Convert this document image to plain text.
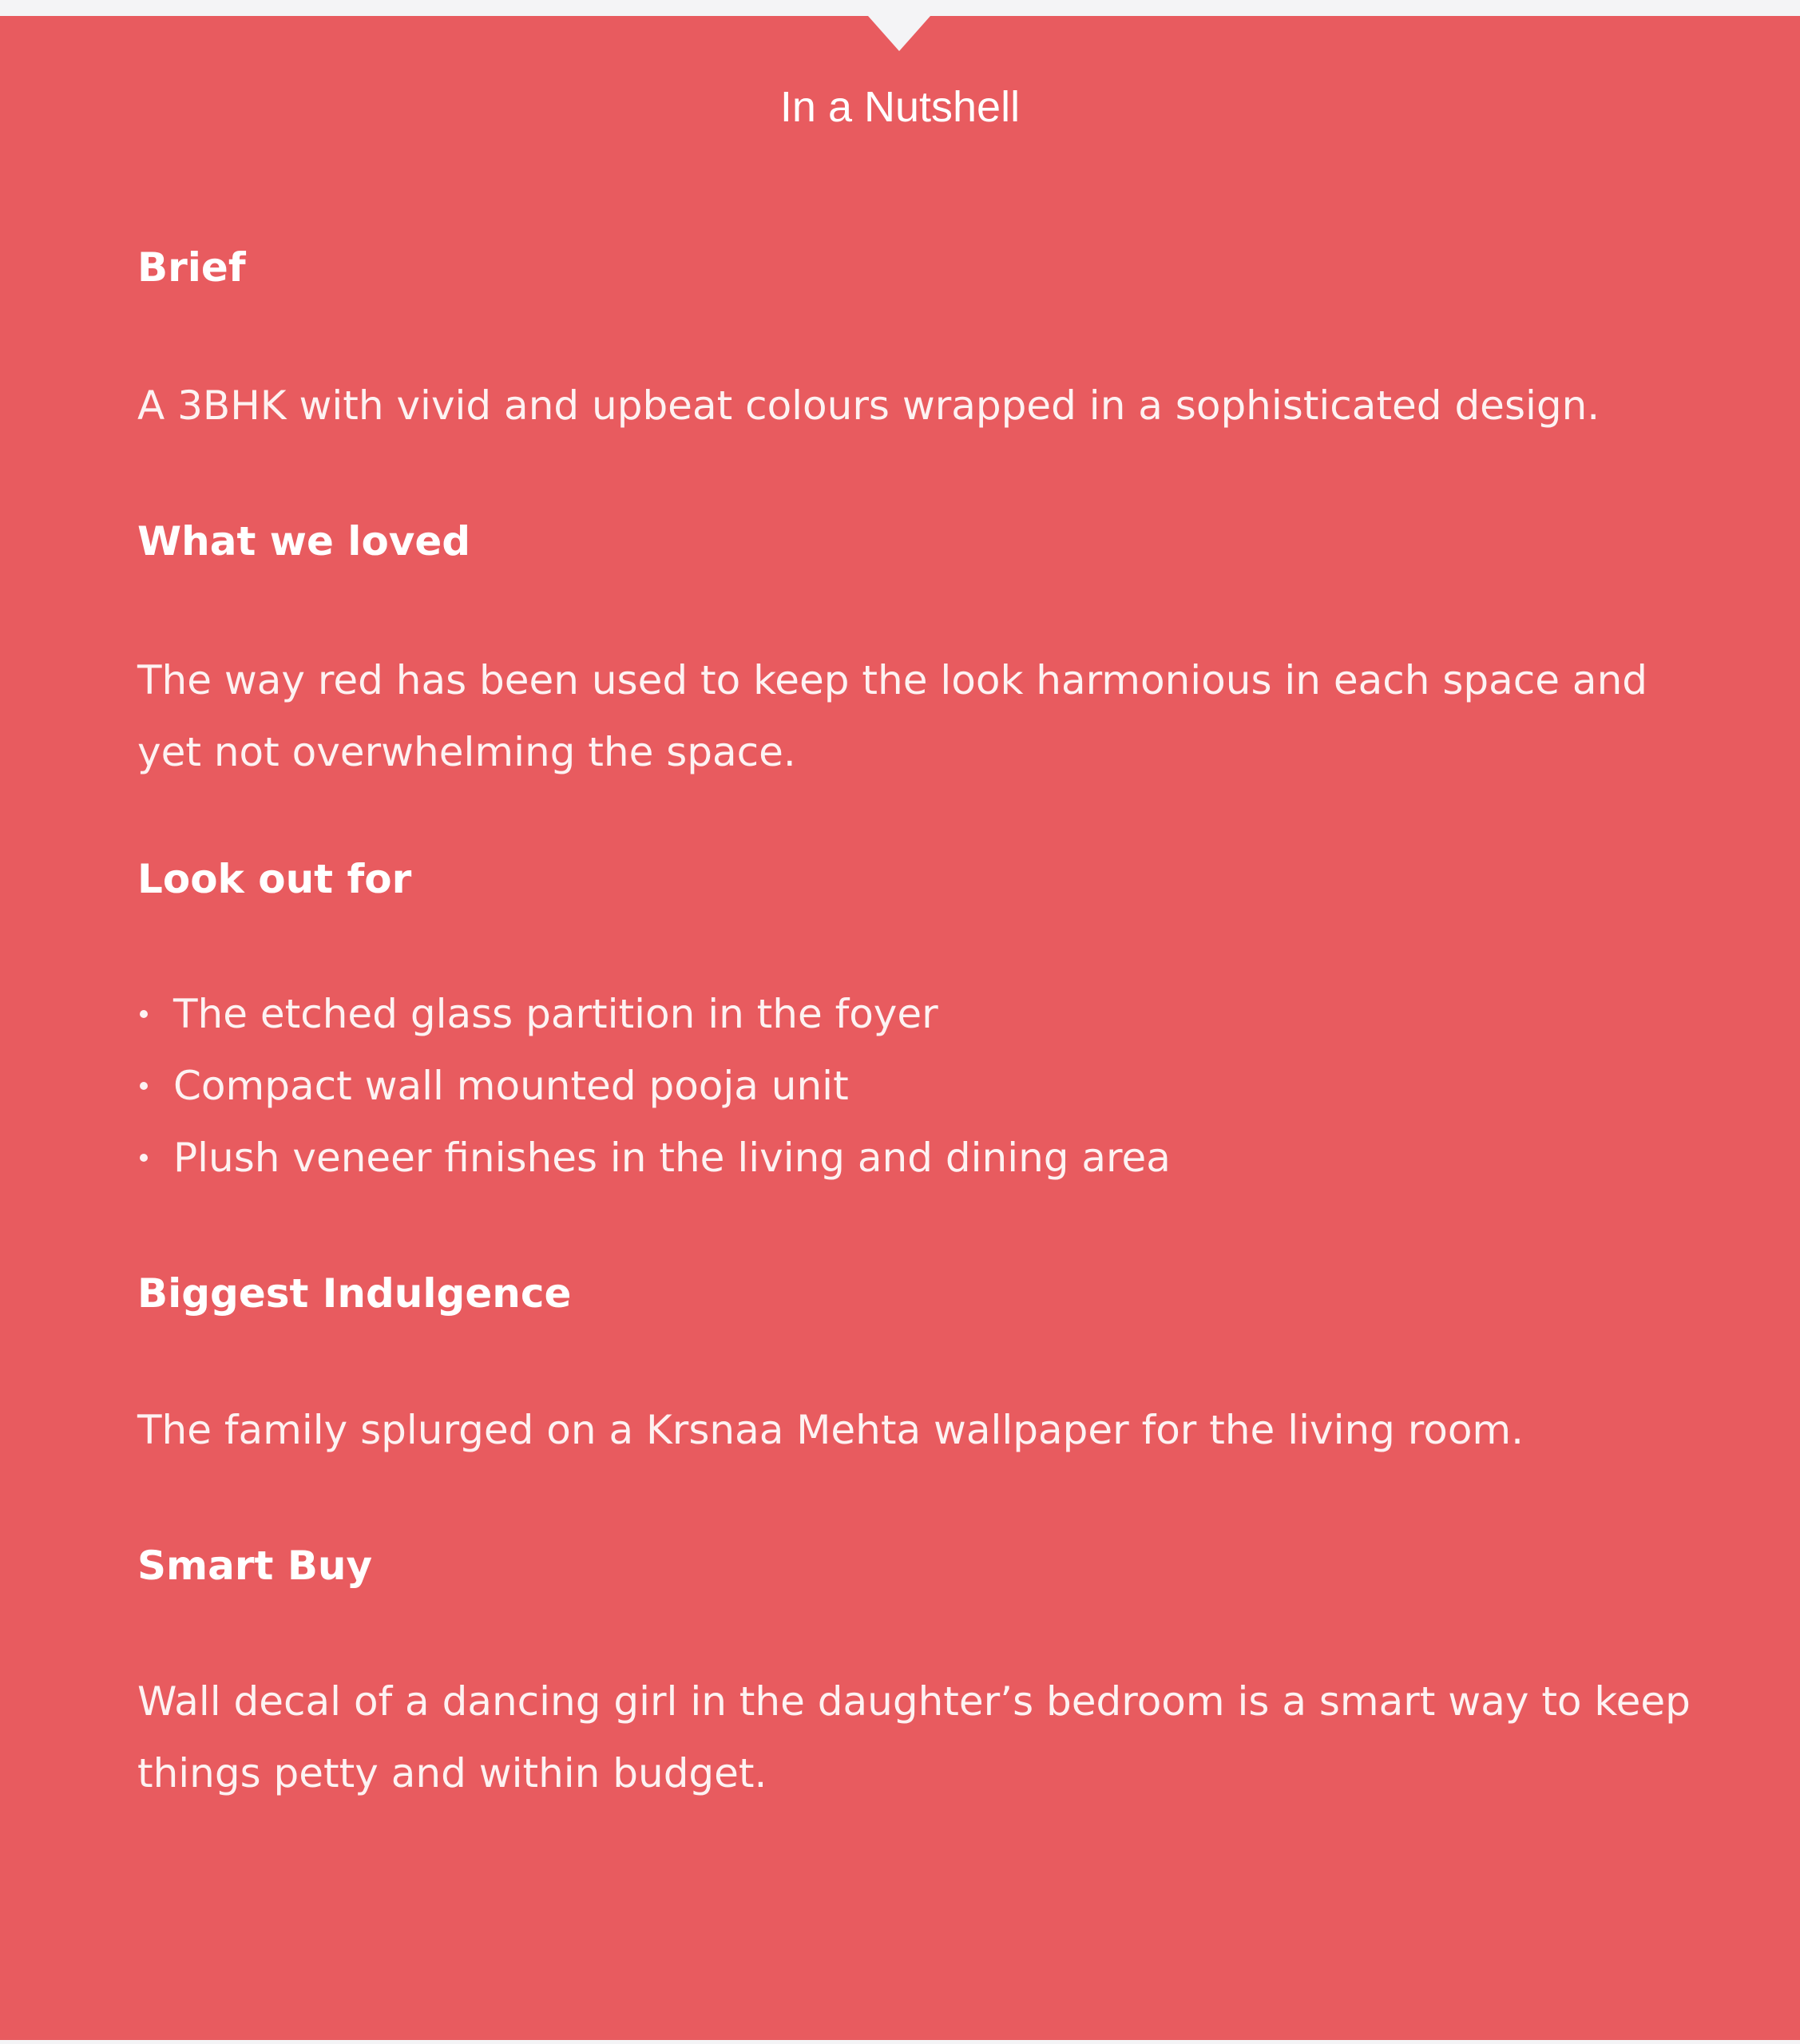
In a Nutshell
Brief
A 3BHK with vivid and upbeat colours wrapped in a sophisticated design.
What we loved
The way red has been used to keep the look harmonious in each space and yet not overwhelming the space.
Look out for
The etched glass partition in the foyer
Compact wall mounted pooja unit
Plush veneer finishes in the living and dining area
Biggest Indulgence
The family splurged on a Krsnaa Mehta wallpaper for the living room.
Smart Buy
Wall decal of a dancing girl in the daughter’s bedroom is a smart way to keep things petty and within budget.
